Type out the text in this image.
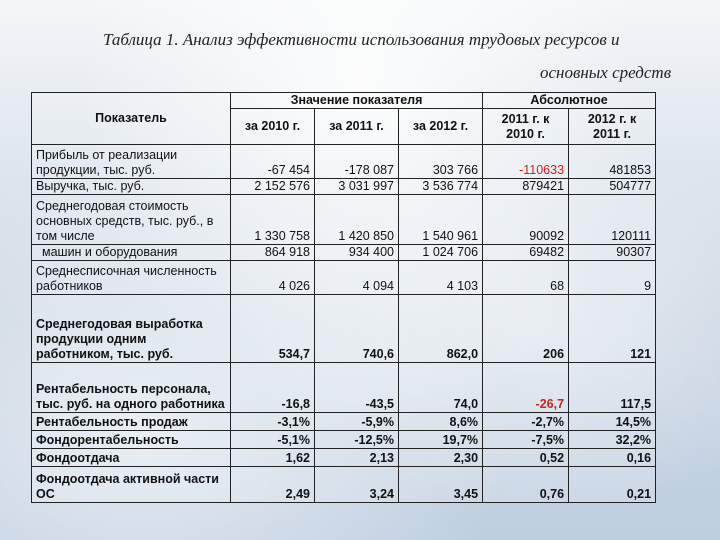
Таблица 1. Анализ эффективности использования трудовых ресурсов и
основных средств
Показатель	Значение показателя			Абсолютное	
	за 2010 г.	за 2011 г.	за 2012 г.	2011 г. к 2010 г.	2012 г. к 2011 г.
Прибыль от реализации продукции, тыс. руб.	-67 454	-178 087	303 766	-110633	481853
Выручка, тыс. руб.	2 152 576	3 031 997	3 536 774	879421	504777
Среднегодовая стоимость основных средств, тыс. руб., в том числе	1 330 758	1 420 850	1 540 961	90092	120111
машин и оборудования	864 918	934 400	1 024 706	69482	90307
Среднесписочная численность работников	4 026	4 094	4 103	68	9
Среднегодовая выработка продукции одним работником, тыс. руб.	534,7	740,6	862,0	206	121
Рентабельность персонала, тыс. руб. на одного работника	-16,8	-43,5	74,0	-26,7	117,5
Рентабельность продаж	-3,1%	-5,9%	8,6%	-2,7%	14,5%
Фондорентабельность	-5,1%	-12,5%	19,7%	-7,5%	32,2%
Фондоотдача	1,62	2,13	2,30	0,52	0,16
Фондоотдача активной части ОС	2,49	3,24	3,45	0,76	0,21
